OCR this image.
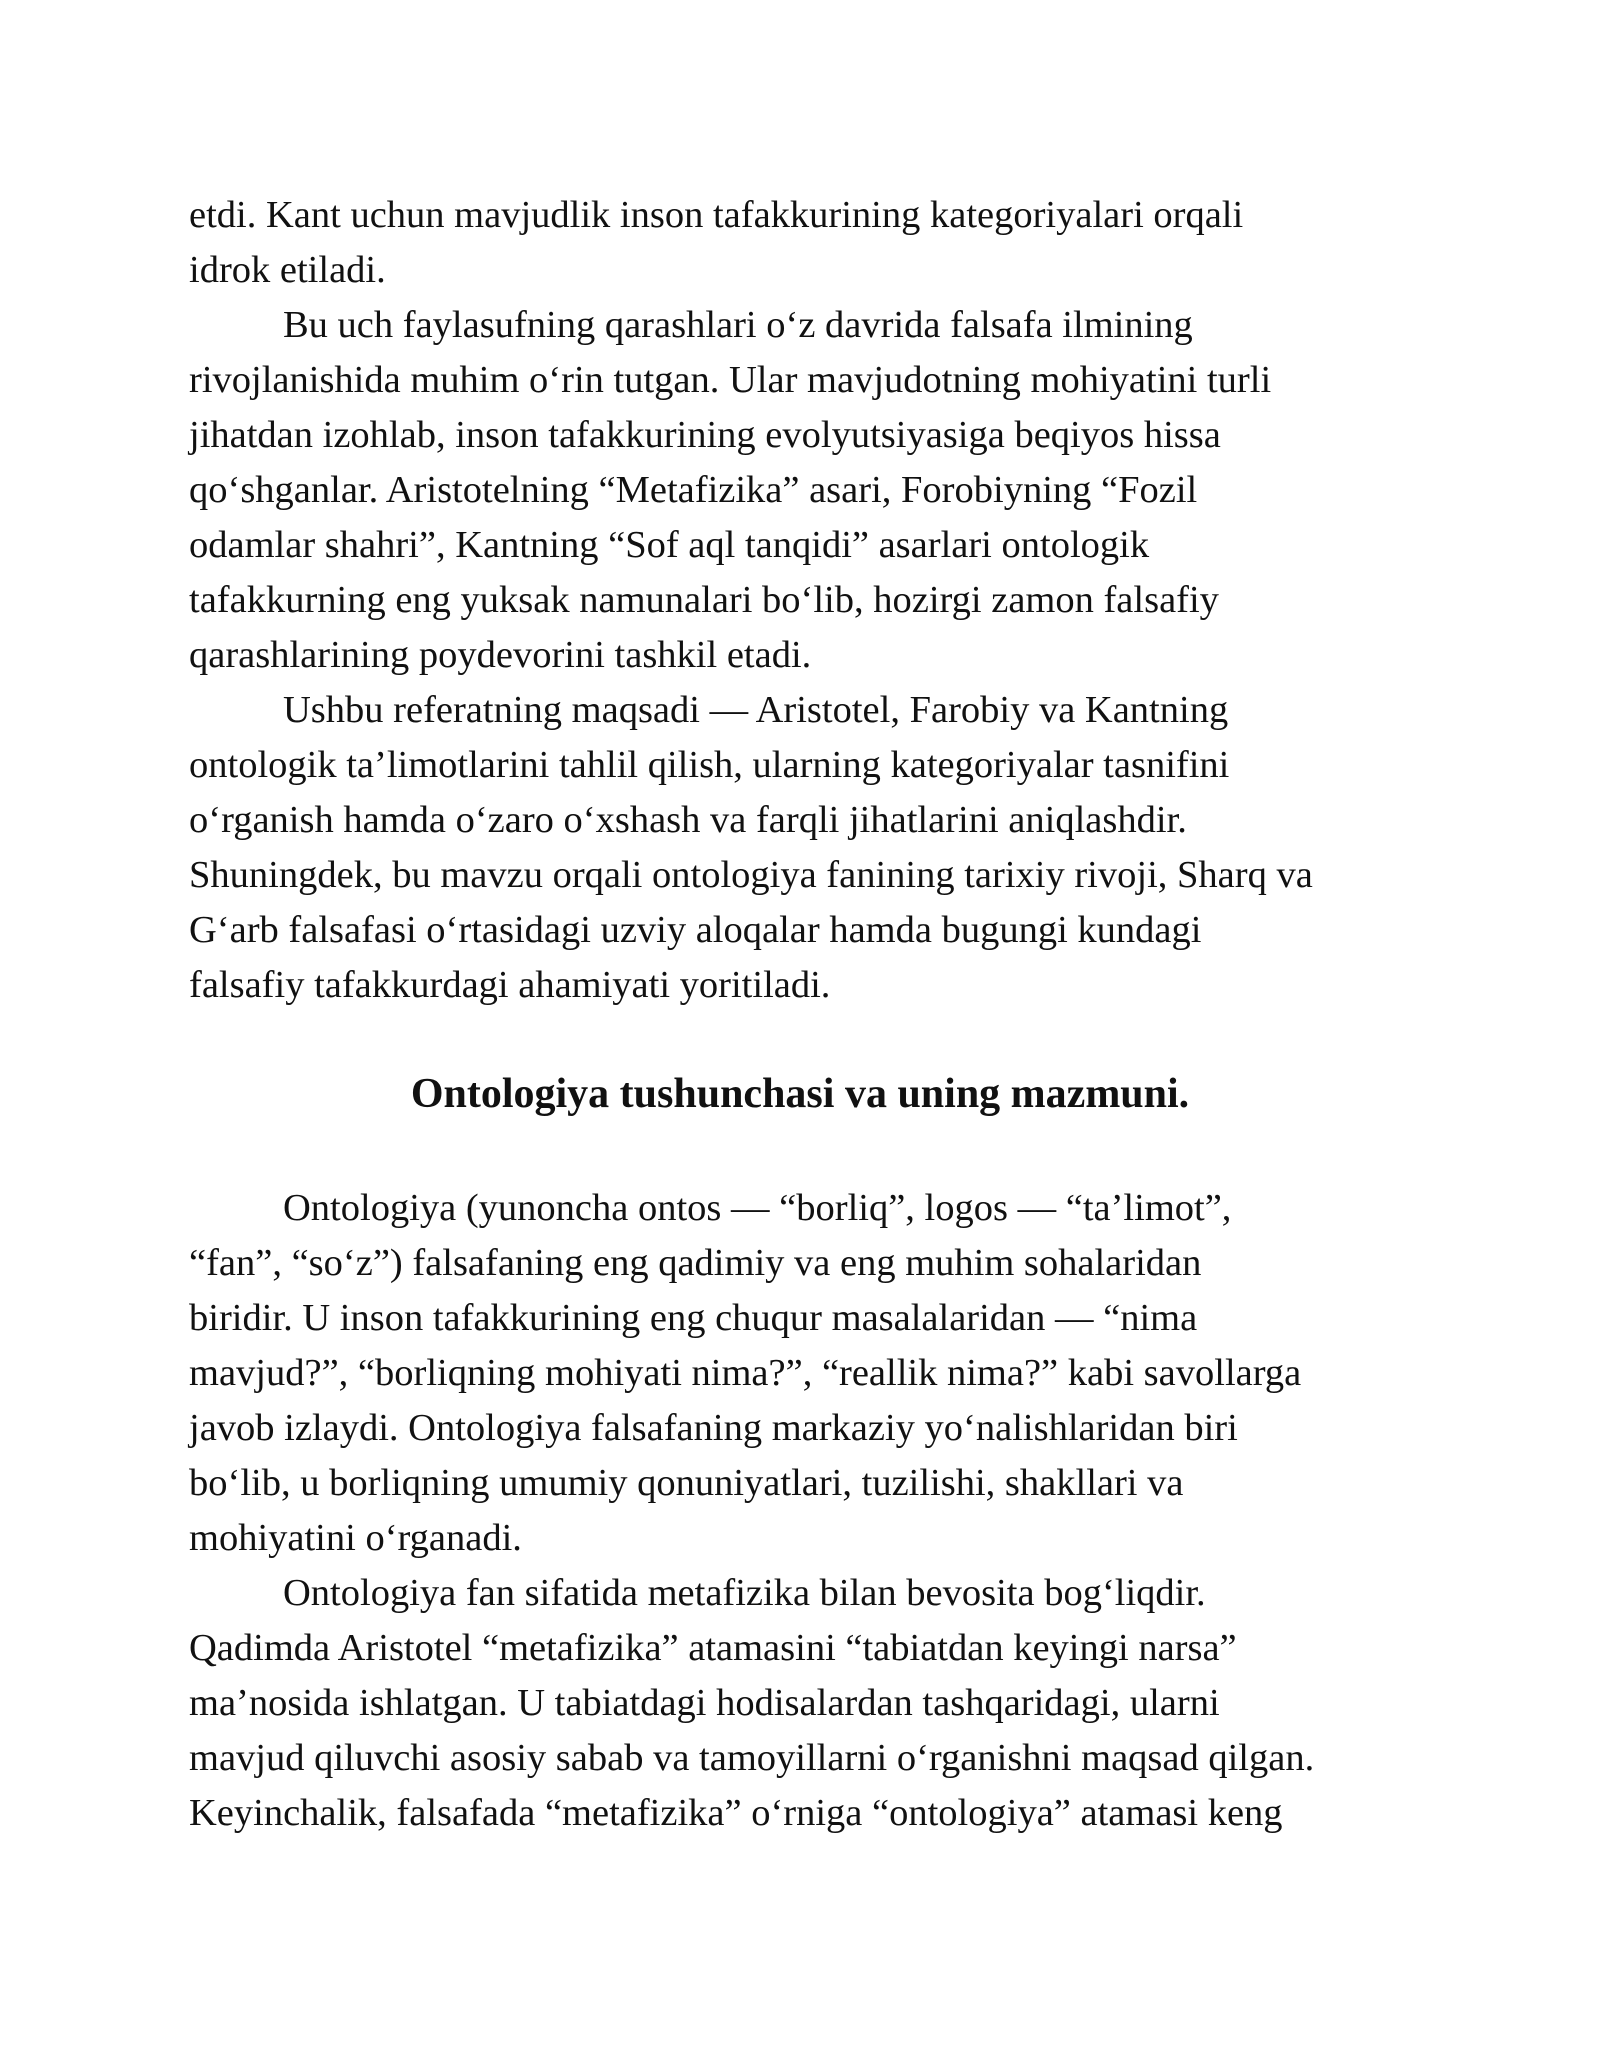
etdi. Kant uchun mavjudlik inson tafakkurining kategoriyalari orqali
idrok etiladi.
Bu uch faylasufning qarashlari oʻz davrida falsafa ilmining
rivojlanishida muhim oʻrin tutgan. Ular mavjudotning mohiyatini turli
jihatdan izohlab, inson tafakkurining evolyutsiyasiga beqiyos hissa
qoʻshganlar. Aristotelning “Metafizika” asari, Forobiyning “Fozil
odamlar shahri”, Kantning “Sof aql tanqidi” asarlari ontologik
tafakkurning eng yuksak namunalari boʻlib, hozirgi zamon falsafiy
qarashlarining poydevorini tashkil etadi.
Ushbu referatning maqsadi — Aristotel, Farobiy va Kantning
ontologik ta’limotlarini tahlil qilish, ularning kategoriyalar tasnifini
oʻrganish hamda oʻzaro oʻxshash va farqli jihatlarini aniqlashdir.
Shuningdek, bu mavzu orqali ontologiya fanining tarixiy rivoji, Sharq va
Gʻarb falsafasi oʻrtasidagi uzviy aloqalar hamda bugungi kundagi
falsafiy tafakkurdagi ahamiyati yoritiladi.
Ontologiya tushunchasi va uning mazmuni.
Ontologiya (yunoncha ontos — “borliq”, logos — “ta’limot”,
“fan”, “soʻz”) falsafaning eng qadimiy va eng muhim sohalaridan
biridir. U inson tafakkurining eng chuqur masalalaridan — “nima
mavjud?”, “borliqning mohiyati nima?”, “reallik nima?” kabi savollarga
javob izlaydi. Ontologiya falsafaning markaziy yoʻnalishlaridan biri
boʻlib, u borliqning umumiy qonuniyatlari, tuzilishi, shakllari va
mohiyatini oʻrganadi.
Ontologiya fan sifatida metafizika bilan bevosita bogʻliqdir.
Qadimda Aristotel “metafizika” atamasini “tabiatdan keyingi narsa”
ma’nosida ishlatgan. U tabiatdagi hodisalardan tashqaridagi, ularni
mavjud qiluvchi asosiy sabab va tamoyillarni oʻrganishni maqsad qilgan.
Keyinchalik, falsafada “metafizika” oʻrniga “ontologiya” atamasi keng
